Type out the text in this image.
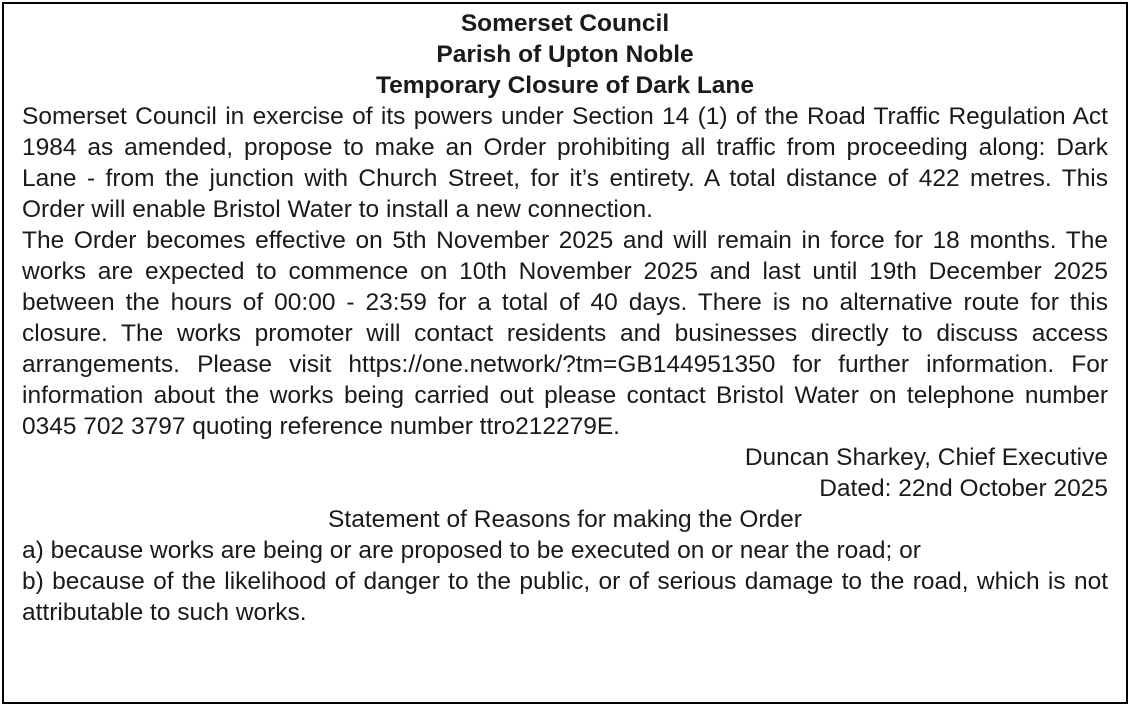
Somerset Council
Parish of Upton Noble
Temporary Closure of Dark Lane

Somerset Council in exercise of its powers under Section 14 (1) of the Road Traffic Regulation Act 1984 as amended, propose to make an Order prohibiting all traffic from proceeding along: Dark Lane - from the junction with Church Street, for it’s entirety. A total distance of 422 metres. This Order will enable Bristol Water to install a new connection.

The Order becomes effective on 5th November 2025 and will remain in force for 18 months. The works are expected to commence on 10th November 2025 and last until 19th December 2025 between the hours of 00:00 - 23:59 for a total of 40 days. There is no alternative route for this closure. The works promoter will contact residents and businesses directly to discuss access arrangements. Please visit https://one.network/?tm=GB144951350 for further information. For information about the works being carried out please contact Bristol Water on telephone number 0345 702 3797 quoting reference number ttro212279E.

Duncan Sharkey, Chief Executive
Dated: 22nd October 2025
Statement of Reasons for making the Order

a) because works are being or are proposed to be executed on or near the road; or

b) because of the likelihood of danger to the public, or of serious damage to the road, which is not attributable to such works.
